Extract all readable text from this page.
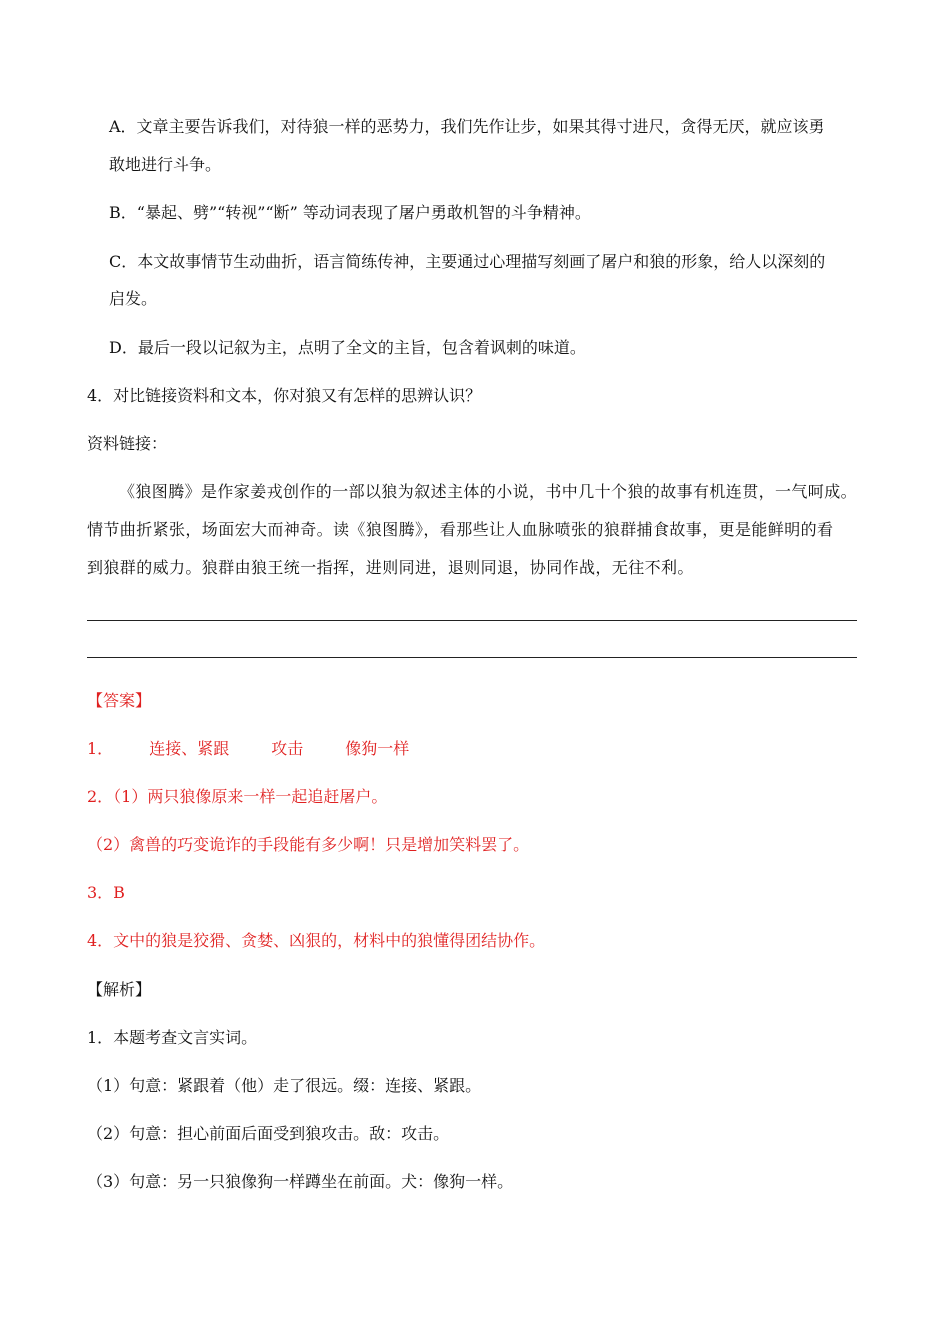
A．文章主要告诉我们，对待狼一样的恶势力，我们先作让步，如果其得寸进尺，贪得无厌，就应该勇
敢地进行斗争。
B．“暴起、劈”“转视”“断” 等动词表现了屠户勇敢机智的斗争精神。
C．本文故事情节生动曲折，语言简练传神，主要通过心理描写刻画了屠户和狼的形象，给人以深刻的
启发。
D．最后一段以记叙为主，点明了全文的主旨，包含着讽刺的味道。
4．对比链接资料和文本，你对狼又有怎样的思辨认识？
资料链接：
《狼图腾》是作家姜戎创作的一部以狼为叙述主体的小说，书中几十个狼的故事有机连贯，一气呵成。
情节曲折紧张，场面宏大而神奇。读《狼图腾》，看那些让人血脉喷张的狼群捕食故事，更是能鲜明的看
到狼群的威力。狼群由狼王统一指挥，进则同进，退则同退，协同作战，无往不利。
【答案】
1． 连接、紧跟	攻击	像狗一样
2．（1）两只狼像原来一样一起追赶屠户。
（2）禽兽的巧变诡诈的手段能有多少啊！只是增加笑料罢了。
3．B
4．文中的狼是狡猾、贪婪、凶狠的，材料中的狼懂得团结协作。
【解析】
1．本题考查文言实词。
（1）句意：紧跟着（他）走了很远。缀：连接、紧跟。
（2）句意：担心前面后面受到狼攻击。敌：攻击。
（3）句意：另一只狼像狗一样蹲坐在前面。犬：像狗一样。
